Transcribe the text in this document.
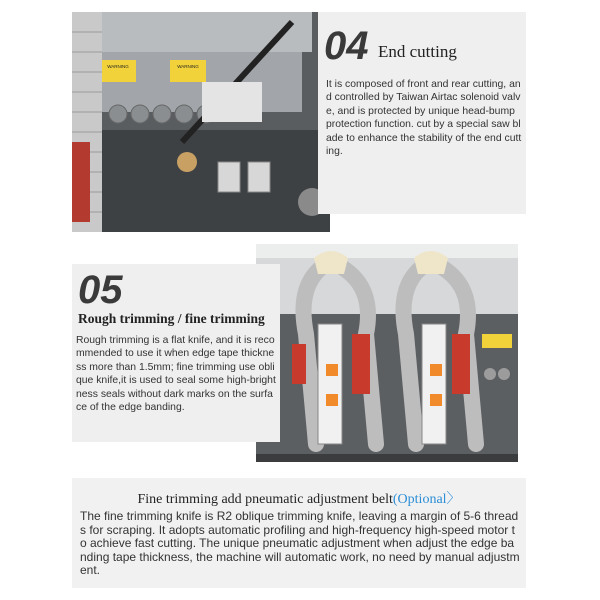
WARNING	WARNING	04 End cutting
It is composed of front and rear cutting, and controlled by Taiwan Airtac solenoid valve, and is protected by unique head-bump protection function. cut by a special saw blade to enhance the stability of the end cutting.
05
Rough trimming / fine trimming
Rough trimming is a flat knife, and it is recommended to use it when edge tape thickness more than 1.5mm; fine trimming use oblique knife,it is used to seal some high-brightness seals without dark marks on the surface of the edge banding.
Fine trimming add pneumatic adjustment belt(Optional〉
The fine trimming knife is R2 oblique trimming knife, leaving a margin of 5-6 threads for scraping. It adopts automatic profiling and high-frequency high-speed motor to achieve fast cutting. The unique pneumatic adjustment when adjust the edge banding tape thickness, the machine will automatic work, no need by manual adjustment.
